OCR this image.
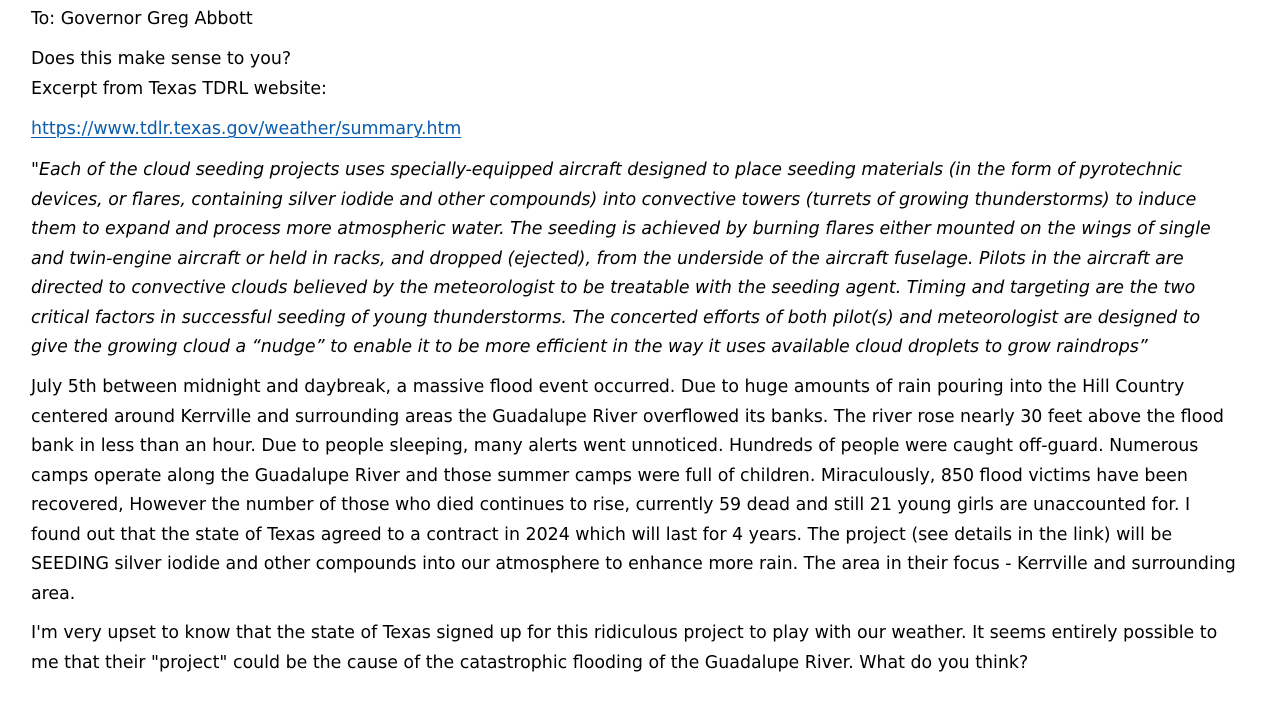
To: Governor Greg Abbott
Does this make sense to you?
Excerpt from Texas TDRL website:
https://www.tdlr.texas.gov/weather/summary.htm

"Each of the cloud seeding projects uses specially-equipped aircraft designed to place seeding materials (in the form of pyrotechnic devices, or flares, containing silver iodide and other compounds) into convective towers (turrets of growing thunderstorms) to induce them to expand and process more atmospheric water. The seeding is achieved by burning flares either mounted on the wings of single and twin-engine aircraft or held in racks, and dropped (ejected), from the underside of the aircraft fuselage. Pilots in the aircraft are directed to convective clouds believed by the meteorologist to be treatable with the seeding agent. Timing and targeting are the two critical factors in successful seeding of young thunderstorms. The concerted efforts of both pilot(s) and meteorologist are designed to give the growing cloud a “nudge” to enable it to be more efficient in the way it uses available cloud droplets to grow raindrops”

July 5th between midnight and daybreak, a massive flood event occurred. Due to huge amounts of rain pouring into the Hill Country centered around Kerrville and surrounding areas the Guadalupe River overflowed its banks. The river rose nearly 30 feet above the flood bank in less than an hour. Due to people sleeping, many alerts went unnoticed. Hundreds of people were caught off-guard. Numerous camps operate along the Guadalupe River and those summer camps were full of children. Miraculously, 850 flood victims have been recovered, However the number of those who died continues to rise, currently 59 dead and still 21 young girls are unaccounted for. I found out that the state of Texas agreed to a contract in 2024 which will last for 4 years. The project (see details in the link) will be SEEDING silver iodide and other compounds into our atmosphere to enhance more rain. The area in their focus - Kerrville and surrounding area.

I'm very upset to know that the state of Texas signed up for this ridiculous project to play with our weather. It seems entirely possible to me that their "project" could be the cause of the catastrophic flooding of the Guadalupe River. What do you think?
